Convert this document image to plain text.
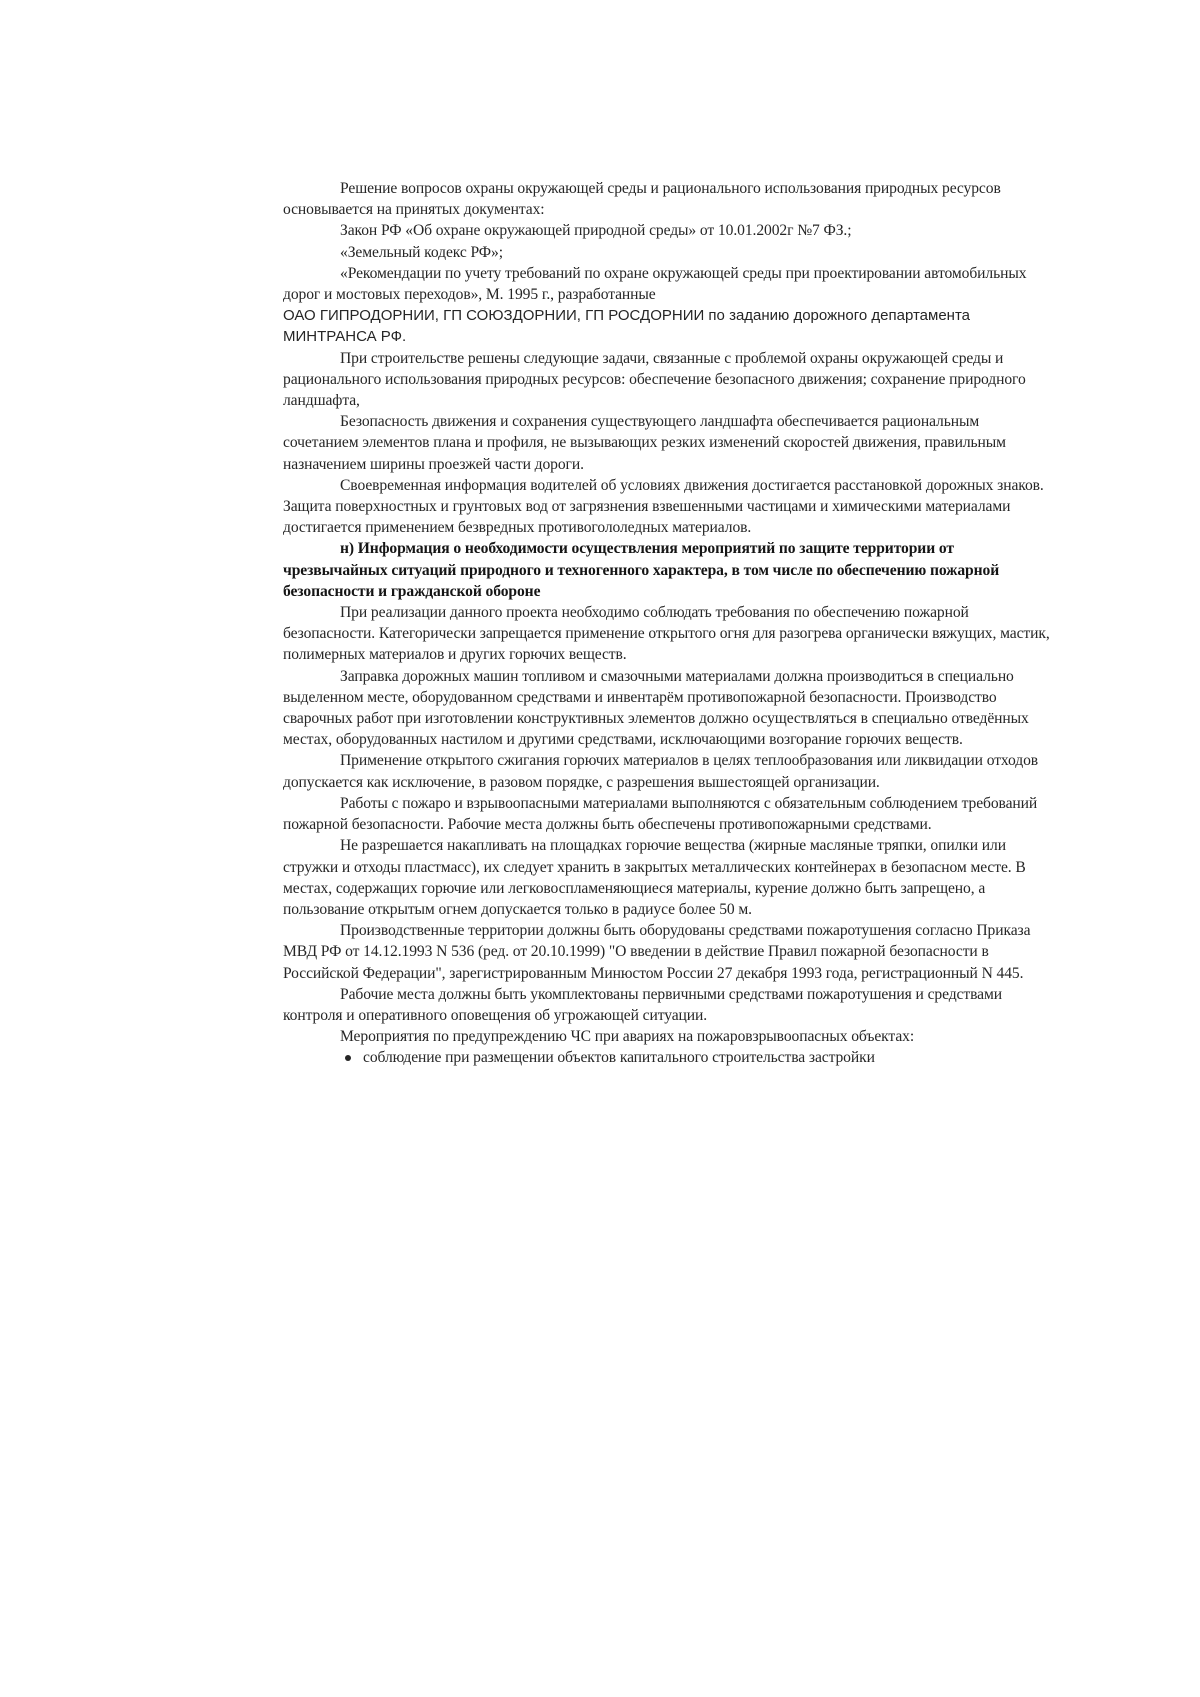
Решение вопросов охраны окружающей среды и рационального использования природных ресурсов основывается на принятых документах:

Закон РФ «Об охране окружающей природной среды» от 10.01.2002г №7 ФЗ.;

«Земельный кодекс РФ»;

«Рекомендации по учету требований по охране окружающей среды при проектировании автомобильных дорог и мостовых переходов», М. 1995 г., разработанные

ОАО ГИПРОДОРНИИ, ГП СОЮЗДОРНИИ, ГП РОСДОРНИИ по заданию дорожного департамента МИНТРАНСА РФ.

При строительстве решены следующие задачи, связанные с проблемой охраны окружающей среды и рационального использования природных ресурсов: обеспечение безопасного движения; сохранение природного ландшафта,

Безопасность движения и сохранения существующего ландшафта обеспечивается рациональным сочетанием элементов плана и профиля, не вызывающих резких изменений скоростей движения, правильным назначением ширины проезжей части дороги.

Своевременная информация водителей об условиях движения достигается расстановкой дорожных знаков. Защита поверхностных и грунтовых вод от загрязнения взвешенными частицами и химическими материалами достигается применением безвредных противогололедных материалов.

н) Информация о необходимости осуществления мероприятий по защите территории от чрезвычайных ситуаций природного и техногенного характера, в том числе по обеспечению пожарной безопасности и гражданской обороне

При реализации данного проекта необходимо соблюдать требования по обеспечению пожарной безопасности. Категорически запрещается применение открытого огня для разогрева органически вяжущих, мастик, полимерных материалов и других горючих веществ.

Заправка дорожных машин топливом и смазочными материалами должна производиться в специально выделенном месте, оборудованном средствами и инвентарём противопожарной безопасности. Производство сварочных работ при изготовлении конструктивных элементов должно осуществляться в специально отведённых местах, оборудованных настилом и другими средствами, исключающими возгорание горючих веществ.

Применение открытого сжигания горючих материалов в целях теплообразования или ликвидации отходов допускается как исключение, в разовом порядке, с разрешения вышестоящей организации.

Работы с пожаро и взрывоопасными материалами выполняются с обязательным соблюдением требований пожарной безопасности. Рабочие места должны быть обеспечены противопожарными средствами.

Не разрешается накапливать на площадках горючие вещества (жирные масляные тряпки, опилки или стружки и отходы пластмасс), их следует хранить в закрытых металлических контейнерах в безопасном месте. В местах, содержащих горючие или легковоспламеняющиеся материалы, курение должно быть запрещено, а пользование открытым огнем допускается только в радиусе более 50 м.

Производственные территории должны быть оборудованы средствами пожаротушения согласно Приказа МВД РФ от 14.12.1993 N 536 (ред. от 20.10.1999) "О введении в действие Правил пожарной безопасности в Российской Федерации", зарегистрированным Минюстом России 27 декабря 1993 года, регистрационный N 445.

Рабочие места должны быть укомплектованы первичными средствами пожаротушения и средствами контроля и оперативного оповещения об угрожающей ситуации.

Мероприятия по предупреждению ЧС при авариях на пожаровзрывоопасных объектах:

соблюдение при размещении объектов капитального строительства застройки
